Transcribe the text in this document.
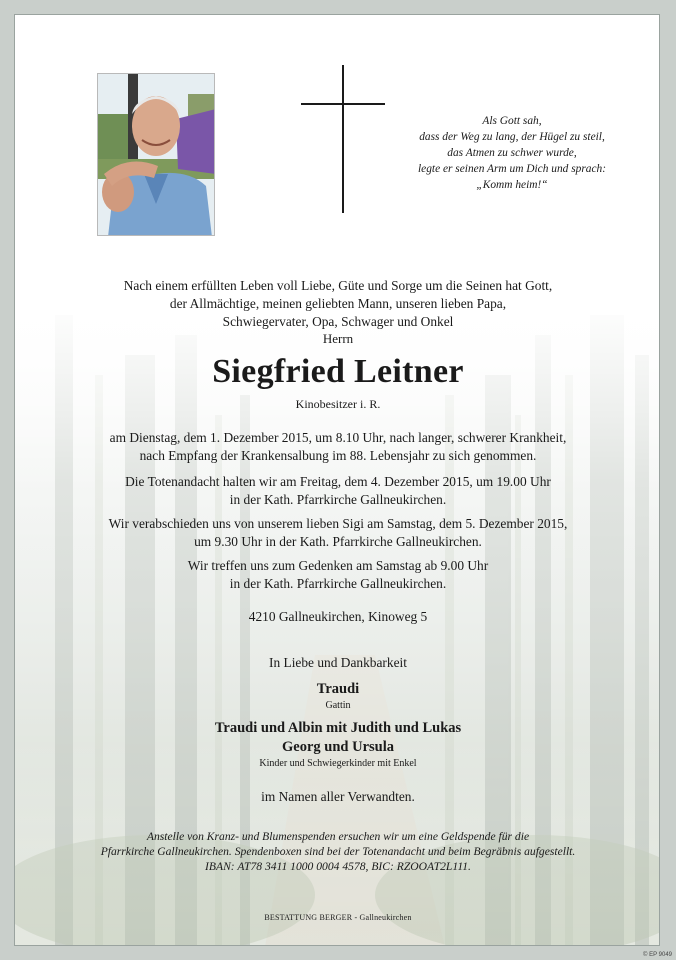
Als Gott sah,
dass der Weg zu lang, der Hügel zu steil,
das Atmen zu schwer wurde,
legte er seinen Arm um Dich und sprach:
„Komm heim!“
Nach einem erfüllten Leben voll Liebe, Güte und Sorge um die Seinen hat Gott,
der Allmächtige, meinen geliebten Mann, unseren lieben Papa,
Schwiegervater, Opa, Schwager und Onkel
Herrn
Siegfried Leitner
Kinobesitzer i. R.
am Dienstag, dem 1. Dezember 2015, um 8.10 Uhr, nach langer, schwerer Krankheit,
nach Empfang der Krankensalbung im 88. Lebensjahr zu sich genommen.
Die Totenandacht halten wir am Freitag, dem 4. Dezember 2015, um 19.00 Uhr
in der Kath. Pfarrkirche Gallneukirchen.
Wir verabschieden uns von unserem lieben Sigi am Samstag, dem 5. Dezember 2015,
um 9.30 Uhr in der Kath. Pfarrkirche Gallneukirchen.
Wir treffen uns zum Gedenken am Samstag ab 9.00 Uhr
in der Kath. Pfarrkirche Gallneukirchen.
4210 Gallneukirchen, Kinoweg 5
In Liebe und Dankbarkeit
Traudi
Gattin
Traudi und Albin mit Judith und Lukas
Georg und Ursula
Kinder und Schwiegerkinder mit Enkel
im Namen aller Verwandten.
Anstelle von Kranz- und Blumenspenden ersuchen wir um eine Geldspende für die
Pfarrkirche Gallneukirchen. Spendenboxen sind bei der Totenandacht und beim Begräbnis aufgestellt.
IBAN: AT78 3411 1000 0004 4578, BIC: RZOOAT2L111.
BESTATTUNG BERGER - Gallneukirchen
© EP 9049
